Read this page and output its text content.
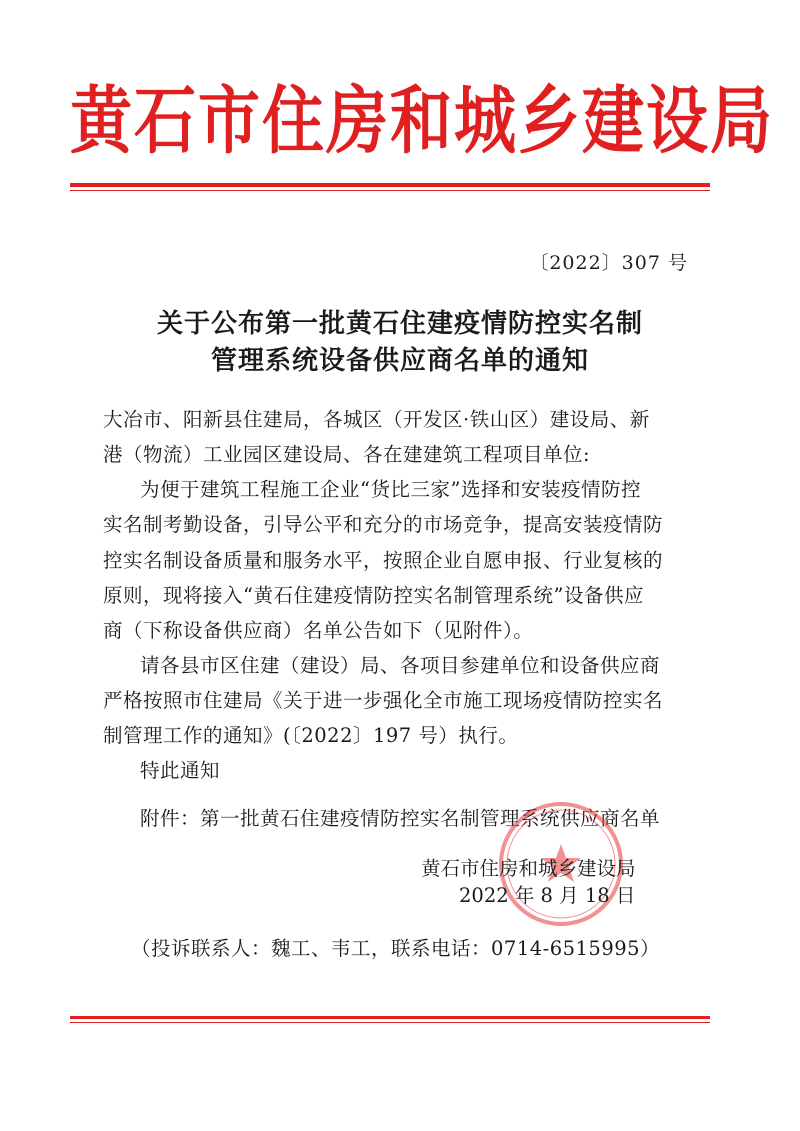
黄石市住房和城乡建设局
〔2022〕307 号
关于公布第一批黄石住建疫情防控实名制
管理系统设备供应商名单的通知
大冶市、阳新县住建局，各城区（开发区·铁山区）建设局、新
港（物流）工业园区建设局、各在建建筑工程项目单位:
为便于建筑工程施工企业“货比三家”选择和安装疫情防控
实名制考勤设备，引导公平和充分的市场竞争，提高安装疫情防
控实名制设备质量和服务水平，按照企业自愿申报、行业复核的
原则，现将接入“黄石住建疫情防控实名制管理系统”设备供应
商（下称设备供应商）名单公告如下（见附件）。
请各县市区住建（建设）局、各项目参建单位和设备供应商
严格按照市住建局《关于进一步强化全市施工现场疫情防控实名
制管理工作的通知》(〔2022〕197 号）执行。
特此通知
附件：第一批黄石住建疫情防控实名制管理系统供应商名单
黄石市住房和城乡建设局
2022 年 8 月 18 日
（投诉联系人：魏工、韦工，联系电话：0714-6515995）
